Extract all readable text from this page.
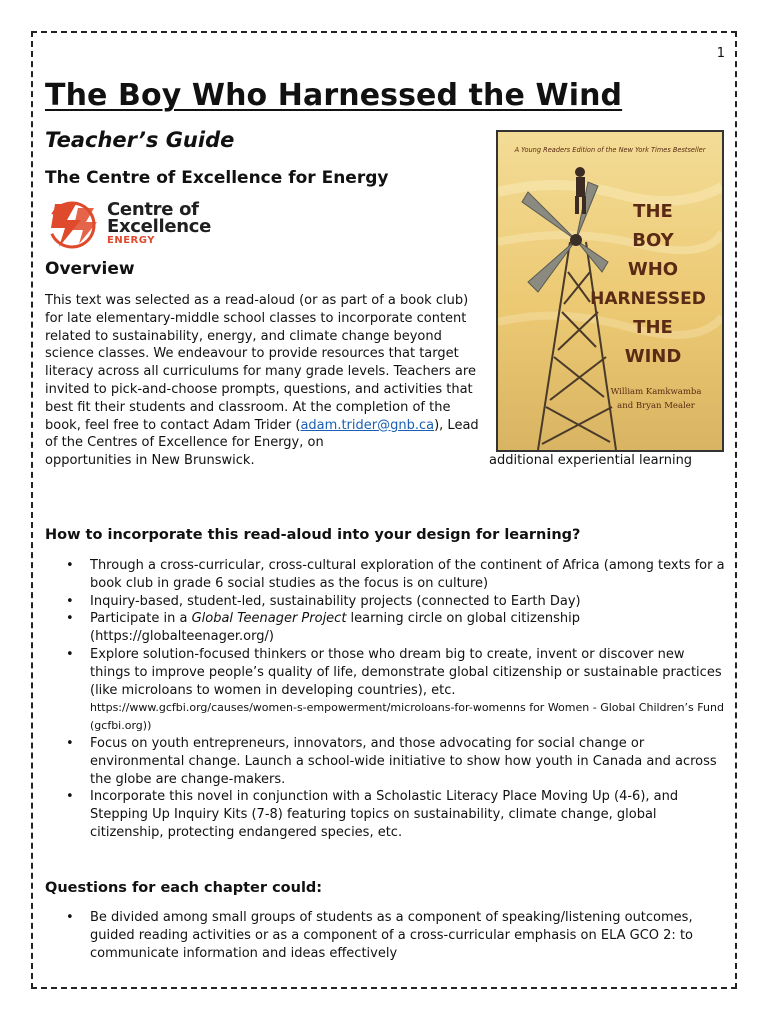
1
The Boy Who Harnessed the Wind
Teacher’s Guide
The Centre of Excellence for Energy
Centre of
Excellence
ENERGY
Overview

This text was selected as a read-aloud (or as part of a book club) for late elementary-middle school classes to incorporate content related to sustainability, energy, and climate change beyond science classes. We endeavour to provide resources that target literacy across all curriculums for many grade levels. Teachers are invited to pick-and-choose prompts, questions, and activities that best fit their students and classroom. At the completion of the book, feel free to contact Adam Trider (adam.trider@gnb.ca), Lead of the Centres of Excellence for Energy, on
opportunities in New Brunswick.

A Young Readers Edition of the New York Times Bestseller
THE
BOY
WHO
HARNESSED
THE
WIND
William Kamkwamba
and Bryan Mealer

additional experiential learning

How to incorporate this read-aloud into your design for learning?
• Through a cross-curricular, cross-cultural exploration of the continent of Africa (among texts for a book club in grade 6 social studies as the focus is on culture)
• Inquiry-based, student-led, sustainability projects (connected to Earth Day)
• Participate in a Global Teenager Project learning circle on global citizenship (https://globalteenager.org/)
• Explore solution-focused thinkers or those who dream big to create, invent or discover new things to improve people’s quality of life, demonstrate global citizenship or sustainable practices (like microloans to women in developing countries), etc.
https://www.gcfbi.org/causes/women-s-empowerment/microloans-for-womenns for Women - Global Children’s Fund (gcfbi.org))
• Focus on youth entrepreneurs, innovators, and those advocating for social change or environmental change. Launch a school-wide initiative to show how youth in Canada and across the globe are change-makers.
• Incorporate this novel in conjunction with a Scholastic Literacy Place Moving Up (4-6), and Stepping Up Inquiry Kits (7-8) featuring topics on sustainability, climate change, global citizenship, protecting endangered species, etc.
Questions for each chapter could:
• Be divided among small groups of students as a component of speaking/listening outcomes, guided reading activities or as a component of a cross-curricular emphasis on ELA GCO 2: to communicate information and ideas effectively
